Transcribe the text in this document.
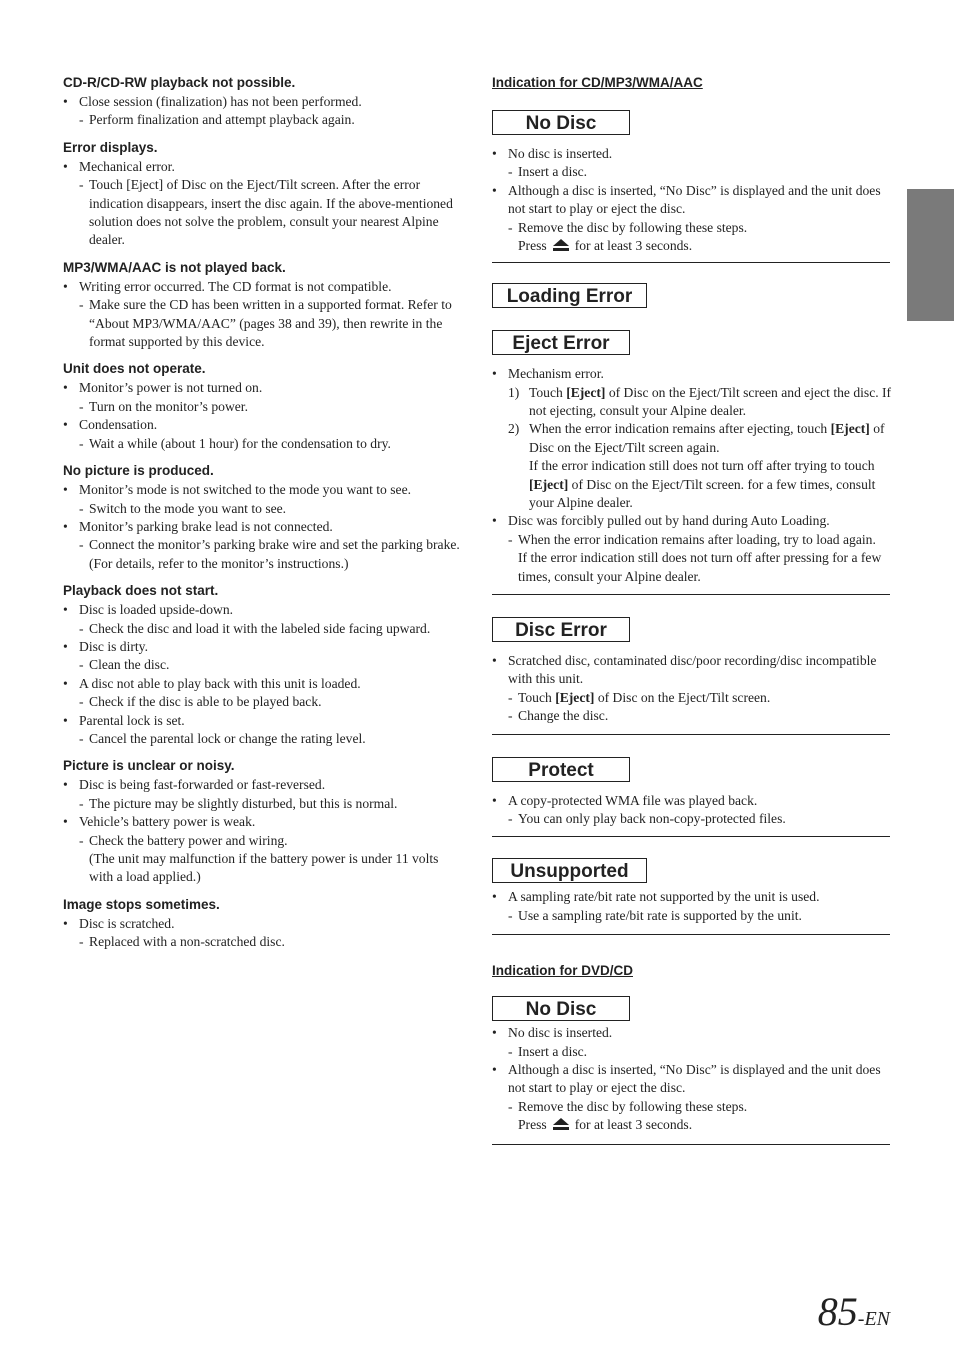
CD-R/CD-RW playback not possible.
• Close session (finalization) has not been performed.
- Perform finalization and attempt playback again.
Error displays.
• Mechanical error.
- Touch [Eject] of Disc on the Eject/Tilt screen. After the error indication disappears, insert the disc again. If the above-mentioned solution does not solve the problem, consult your nearest Alpine dealer.
MP3/WMA/AAC is not played back.
• Writing error occurred. The CD format is not compatible.
- Make sure the CD has been written in a supported format. Refer to “About MP3/WMA/AAC” (pages 38 and 39), then rewrite in the format supported by this device.
Unit does not operate.
• Monitor’s power is not turned on.
- Turn on the monitor’s power.
• Condensation.
- Wait a while (about 1 hour) for the condensation to dry.
No picture is produced.
• Monitor’s mode is not switched to the mode you want to see.
- Switch to the mode you want to see.
• Monitor’s parking brake lead is not connected.
- Connect the monitor’s parking brake wire and set the parking brake. (For details, refer to the monitor’s instructions.)
Playback does not start.
• Disc is loaded upside-down.
- Check the disc and load it with the labeled side facing upward.
• Disc is dirty.
- Clean the disc.
• A disc not able to play back with this unit is loaded.
- Check if the disc is able to be played back.
• Parental lock is set.
- Cancel the parental lock or change the rating level.
Picture is unclear or noisy.
• Disc is being fast-forwarded or fast-reversed.
- The picture may be slightly disturbed, but this is normal.
• Vehicle’s battery power is weak.
- Check the battery power and wiring.
(The unit may malfunction if the battery power is under 11 volts with a load applied.)
Image stops sometimes.
• Disc is scratched.
- Replaced with a non-scratched disc.

Indication for CD/MP3/WMA/AAC

No Disc
• No disc is inserted.
- Insert a disc.
• Although a disc is inserted, “No Disc” is displayed and the unit does not start to play or eject the disc.
- Remove the disc by following these steps.
Press for at least 3 seconds.
Loading Error
Eject Error
• Mechanism error.
1) Touch [Eject] of Disc on the Eject/Tilt screen and eject the disc. If not ejecting, consult your Alpine dealer.
2) When the error indication remains after ejecting, touch [Eject] of Disc on the Eject/Tilt screen again.
If the error indication still does not turn off after trying to touch [Eject] of Disc on the Eject/Tilt screen. for a few times, consult your Alpine dealer.
• Disc was forcibly pulled out by hand during Auto Loading.
- When the error indication remains after loading, try to load again.
If the error indication still does not turn off after pressing for a few times, consult your Alpine dealer.
Disc Error
• Scratched disc, contaminated disc/poor recording/disc incompatible with this unit.
- Touch [Eject] of Disc on the Eject/Tilt screen.
- Change the disc.
Protect
• A copy-protected WMA file was played back.
- You can only play back non-copy-protected files.
Unsupported
• A sampling rate/bit rate not supported by the unit is used.
- Use a sampling rate/bit rate is supported by the unit.

Indication for DVD/CD

No Disc
• No disc is inserted.
- Insert a disc.
• Although a disc is inserted, “No Disc” is displayed and the unit does not start to play or eject the disc.
- Remove the disc by following these steps.
Press for at least 3 seconds.
85-EN
